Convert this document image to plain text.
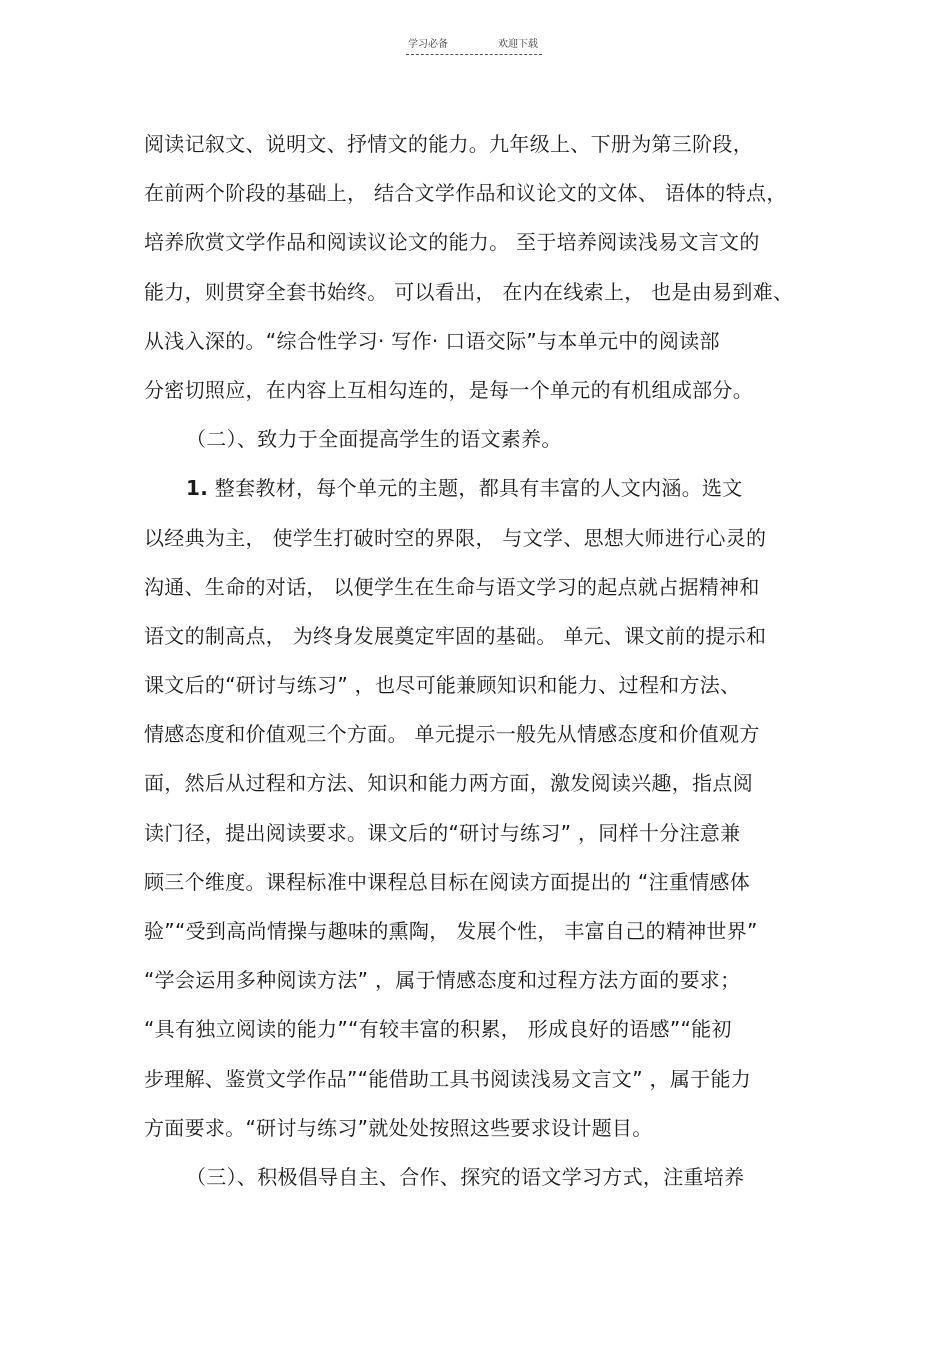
学习必备	欢迎下载
阅读记叙文、说明文、抒情文的能力。九年级上、下册为第三阶段，
在前两个阶段的基础上， 结合文学作品和议论文的文体、 语体的特点，
培养欣赏文学作品和阅读议论文的能力。 至于培养阅读浅易文言文的
能力，则贯穿全套书始终。 可以看出， 在内在线索上， 也是由易到难、
从浅入深的。“综合性学习· 写作· 口语交际”与本单元中的阅读部
分密切照应，在内容上互相勾连的，是每一个单元的有机组成部分。
（二）、致力于全面提高学生的语文素养。
1. 整套教材，每个单元的主题，都具有丰富的人文内涵。选文
以经典为主， 使学生打破时空的界限， 与文学、思想大师进行心灵的
沟通、生命的对话， 以便学生在生命与语文学习的起点就占据精神和
语文的制高点， 为终身发展奠定牢固的基础。 单元、课文前的提示和
课文后的“研讨与练习” ，也尽可能兼顾知识和能力、过程和方法、
情感态度和价值观三个方面。 单元提示一般先从情感态度和价值观方
面，然后从过程和方法、知识和能力两方面，激发阅读兴趣，指点阅
读门径，提出阅读要求。课文后的“研讨与练习” ，同样十分注意兼
顾三个维度。课程标准中课程总目标在阅读方面提出的 “注重情感体
验”“受到高尚情操与趣味的熏陶， 发展个性， 丰富自己的精神世界”
“学会运用多种阅读方法” ，属于情感态度和过程方法方面的要求；
“具有独立阅读的能力”“有较丰富的积累， 形成良好的语感”“能初
步理解、鉴赏文学作品”“能借助工具书阅读浅易文言文” ，属于能力
方面要求。“研讨与练习”就处处按照这些要求设计题目。
（三）、积极倡导自主、合作、探究的语文学习方式，注重培养
